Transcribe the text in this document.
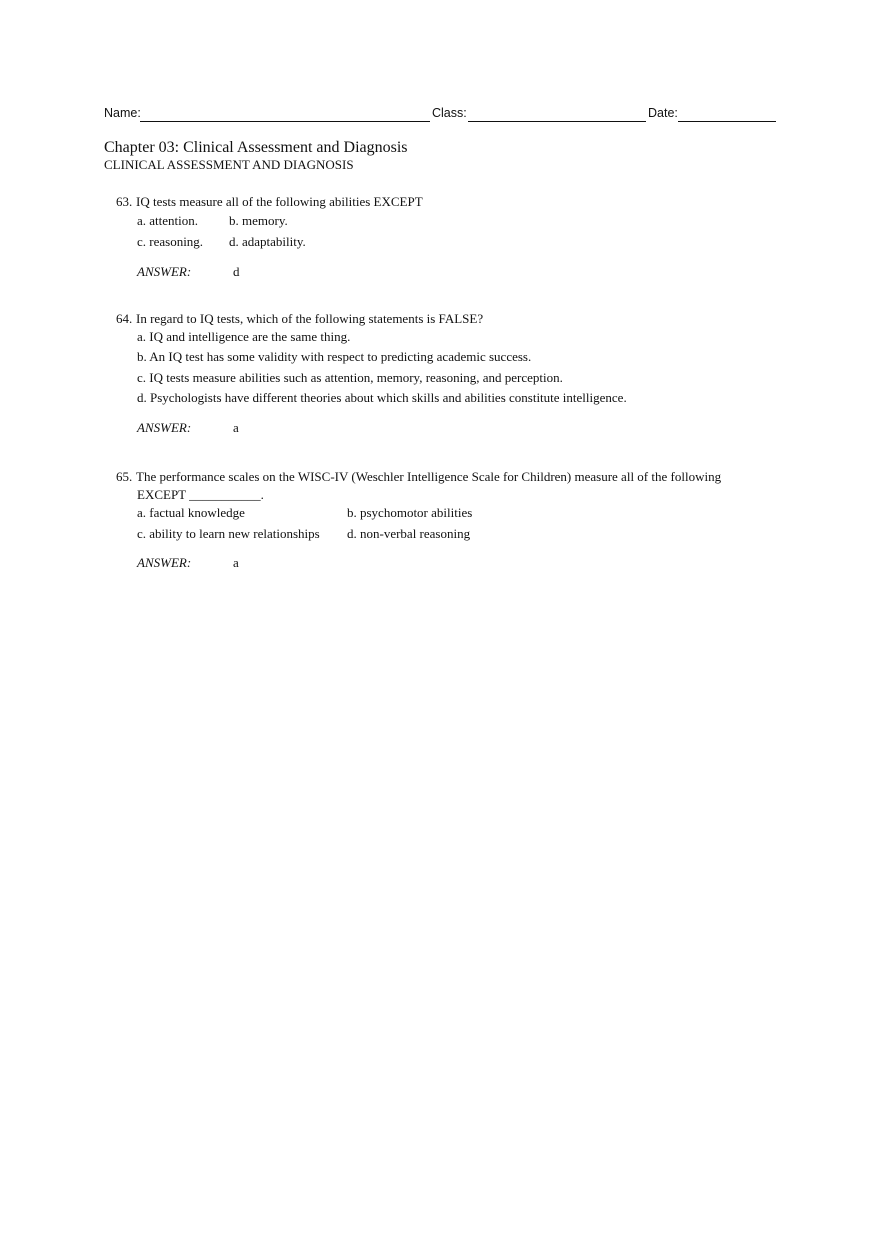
Name:	Class:	Date:
Chapter 03: Clinical Assessment and Diagnosis
CLINICAL ASSESSMENT AND DIAGNOSIS
63. IQ tests measure all of the following abilities EXCEPT
a. attention. b. memory.
c. reasoning. d. adaptability.
ANSWER:	d
64. In regard to IQ tests, which of the following statements is FALSE?
a. IQ and intelligence are the same thing.
b. An IQ test has some validity with respect to predicting academic success.
c. IQ tests measure abilities such as attention, memory, reasoning, and perception.
d. Psychologists have different theories about which skills and abilities constitute intelligence.
ANSWER:	a
65. The performance scales on the WISC-IV (Weschler Intelligence Scale for Children) measure all of the following
EXCEPT ___________.
a. factual knowledge	b. psychomotor abilities
c. ability to learn new relationships d. non-verbal reasoning
ANSWER:	a
